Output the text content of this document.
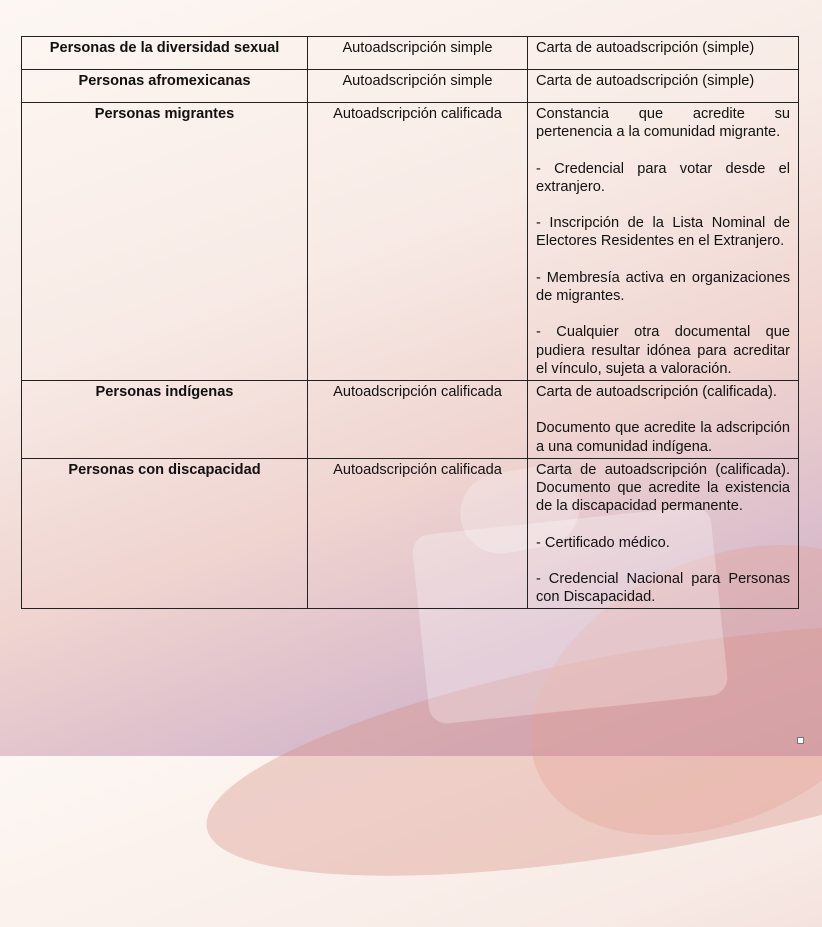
Personas de la diversidad sexual	Autoadscripción simple	Carta de autoadscripción (simple)

Personas afromexicanas	Autoadscripción simple	Carta de autoadscripción (simple)

Personas migrantes	Autoadscripción calificada	Constancia que acredite su pertenencia a la comunidad migrante.

- Credencial para votar desde el extranjero.

- Inscripción de la Lista Nominal de Electores Residentes en el Extranjero.

- Membresía activa en organizaciones de migrantes.

- Cualquier otra documental que pudiera resultar idónea para acreditar el vínculo, sujeta a valoración.

Personas indígenas	Autoadscripción calificada	Carta de autoadscripción (calificada).

Documento que acredite la adscripción a una comunidad indígena.

Personas con discapacidad	Autoadscripción calificada	Carta de autoadscripción (calificada). Documento que acredite la existencia de la discapacidad permanente.

- Certificado médico.

- Credencial Nacional para Personas con Discapacidad.
